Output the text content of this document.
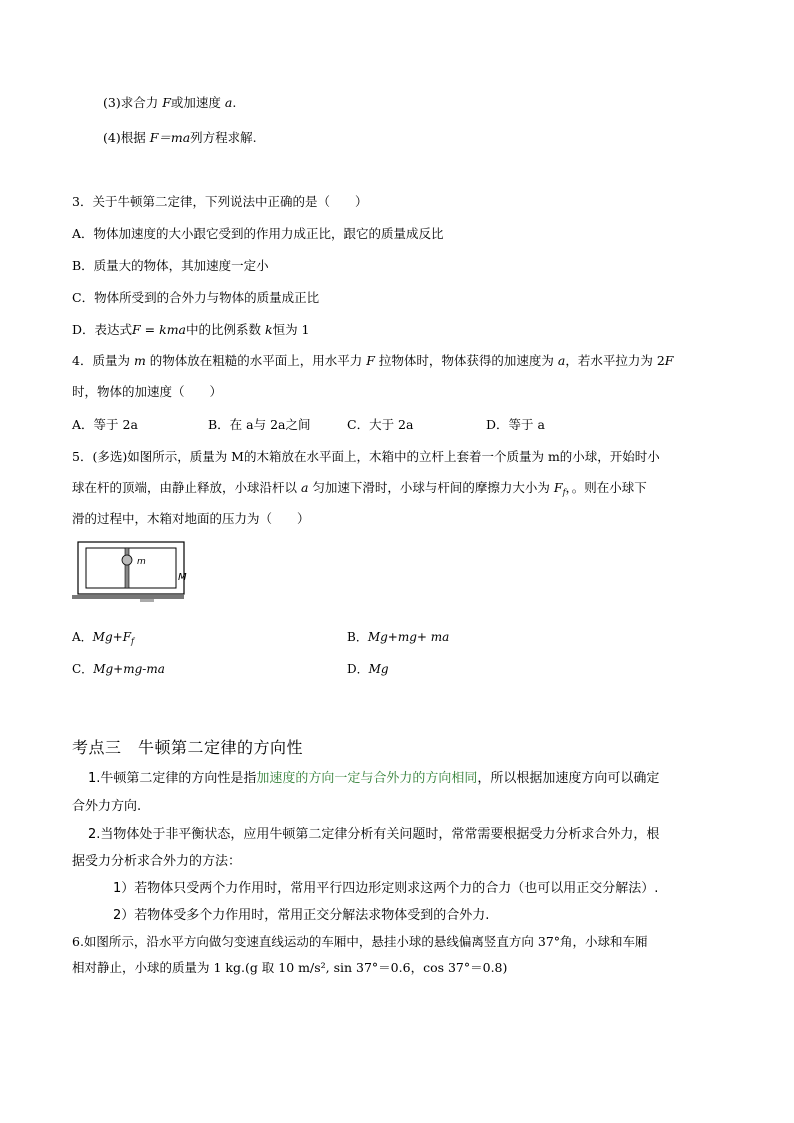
(3)求合力 F或加速度 a.
(4)根据 F＝ma列方程求解.
3．关于牛顿第二定律，下列说法中正确的是（　　）
A．物体加速度的大小跟它受到的作用力成正比，跟它的质量成反比
B．质量大的物体，其加速度一定小
C．物体所受到的合外力与物体的质量成正比
D．表达式F = kma中的比例系数 k恒为 1
4．质量为 m 的物体放在粗糙的水平面上，用水平力 F 拉物体时，物体获得的加速度为 a，若水平拉力为 2F
时，物体的加速度（　　）
A．等于 2a	B．在 a与 2a之间	C．大于 2a	D．等于 a
5．(多选)如图所示，质量为 M的木箱放在水平面上，木箱中的立杆上套着一个质量为 m的小球，开始时小
球在杆的顶端，由静止释放，小球沿杆以 a 匀加速下滑时，小球与杆间的摩擦力大小为 $F_f$，。则在小球下
滑的过程中，木箱对地面的压力为（　　）
m
M
A．$Mg+F_f$	B．Mg+mg+ ma
C．Mg+mg-ma	D．Mg
考点三　牛顿第二定律的方向性
1.牛顿第二定律的方向性是指加速度的方向一定与合外力的方向相同，所以根据加速度方向可以确定
合外力方向.
2.当物体处于非平衡状态，应用牛顿第二定律分析有关问题时，常常需要根据受力分析求合外力，根
据受力分析求合外力的方法：
1）若物体只受两个力作用时，常用平行四边形定则求这两个力的合力（也可以用正交分解法）.
2）若物体受多个力作用时，常用正交分解法求物体受到的合外力.
6.如图所示，沿水平方向做匀变速直线运动的车厢中，悬挂小球的悬线偏离竖直方向 37°角，小球和车厢
相对静止，小球的质量为 1 kg.(g 取 10 m/s², sin 37°＝0.6，cos 37°＝0.8)
